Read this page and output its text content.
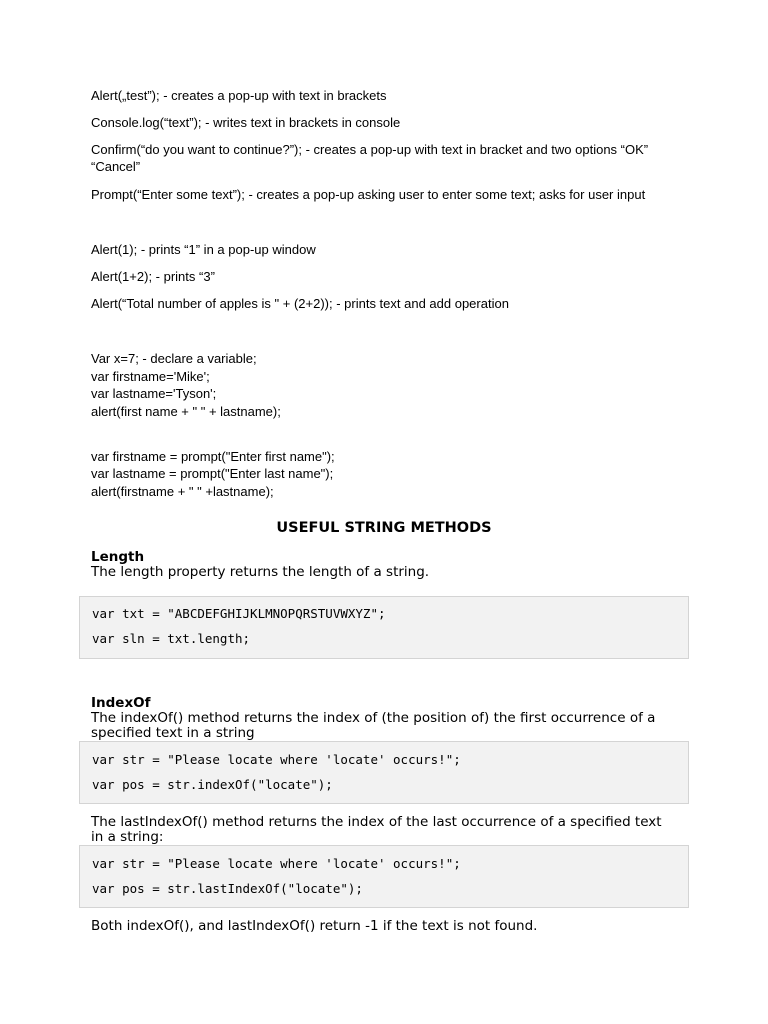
Alert(„test”); - creates a pop-up with text in brackets
Console.log(“text”); - writes text in brackets in console
Confirm(“do you want to continue?”); - creates a pop-up with text in bracket and two options “OK” “Cancel”
Prompt(“Enter some text”); - creates a pop-up asking user to enter some text; asks for user input
Alert(1); - prints “1” in a pop-up window
Alert(1+2); - prints “3”
Alert(“Total number of apples is " + (2+2)); - prints text and add operation
Var x=7; - declare a variable;
var firstname='Mike';
var lastname='Tyson';
alert(first name + " " + lastname);
var firstname = prompt("Enter first name");
var lastname = prompt("Enter last name");
alert(firstname + " " +lastname);
USEFUL STRING METHODS
Length
The length property returns the length of a string.
var txt = "ABCDEFGHIJKLMNOPQRSTUVWXYZ";
var sln = txt.length;
IndexOf
The indexOf() method returns the index of (the position of) the first occurrence of a specified text in a string
var str = "Please locate where 'locate' occurs!";
var pos = str.indexOf("locate");
The lastIndexOf() method returns the index of the last occurrence of a specified text in a string:
var str = "Please locate where 'locate' occurs!";
var pos = str.lastIndexOf("locate");
Both indexOf(), and lastIndexOf() return -1 if the text is not found.
